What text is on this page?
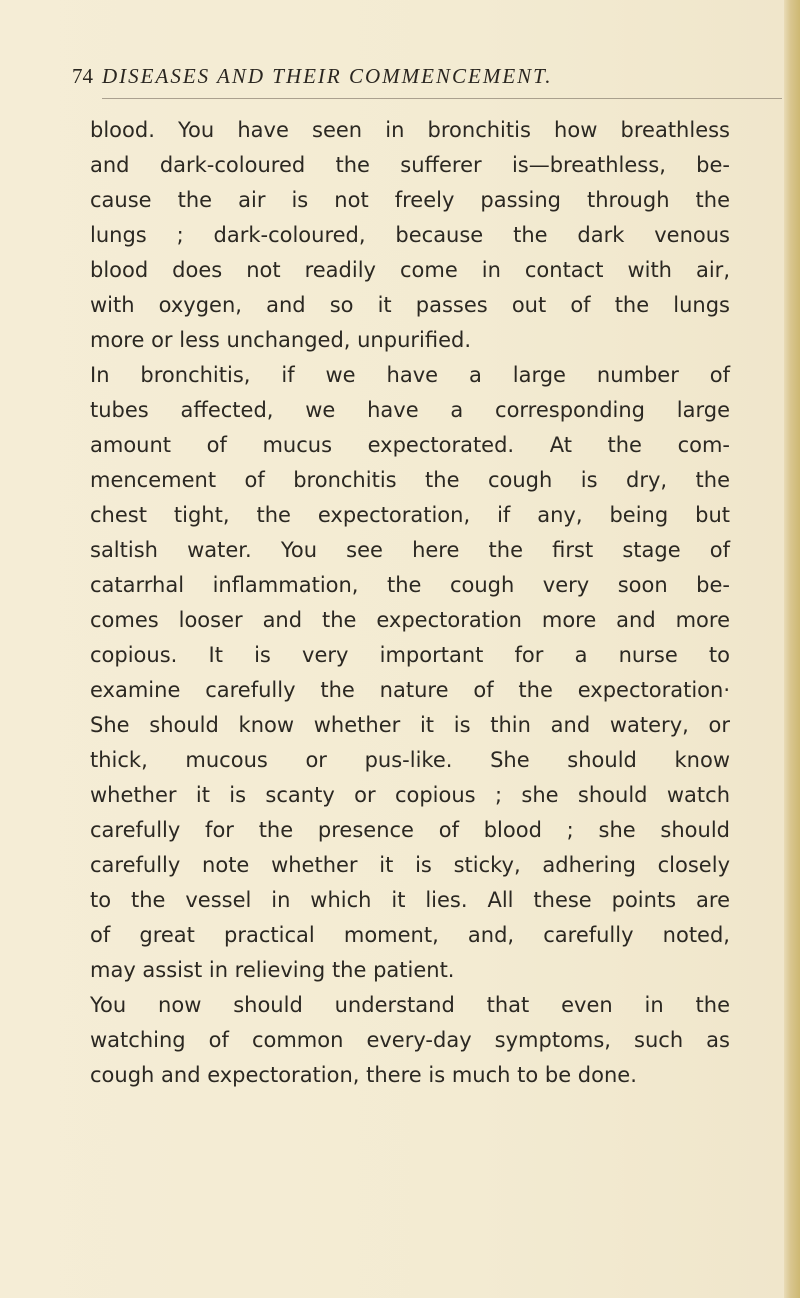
74 DISEASES AND THEIR COMMENCEMENT.
blood. You have seen in bronchitis how breathless
and dark-coloured the sufferer is—breathless, be-
cause the air is not freely passing through the
lungs ; dark-coloured, because the dark venous
blood does not readily come in contact with air,
with oxygen, and so it passes out of the lungs
more or less unchanged, unpurified.
In bronchitis, if we have a large number of
tubes affected, we have a corresponding large
amount of mucus expectorated. At the com-
mencement of bronchitis the cough is dry, the
chest tight, the expectoration, if any, being but
saltish water. You see here the first stage of
catarrhal inflammation, the cough very soon be-
comes looser and the expectoration more and more
copious. It is very important for a nurse to
examine carefully the nature of the expectoration·
She should know whether it is thin and watery, or
thick, mucous or pus-like. She should know
whether it is scanty or copious ; she should watch
carefully for the presence of blood ; she should
carefully note whether it is sticky, adhering closely
to the vessel in which it lies. All these points are
of great practical moment, and, carefully noted,
may assist in relieving the patient.
You now should understand that even in the
watching of common every-day symptoms, such as
cough and expectoration, there is much to be done.
